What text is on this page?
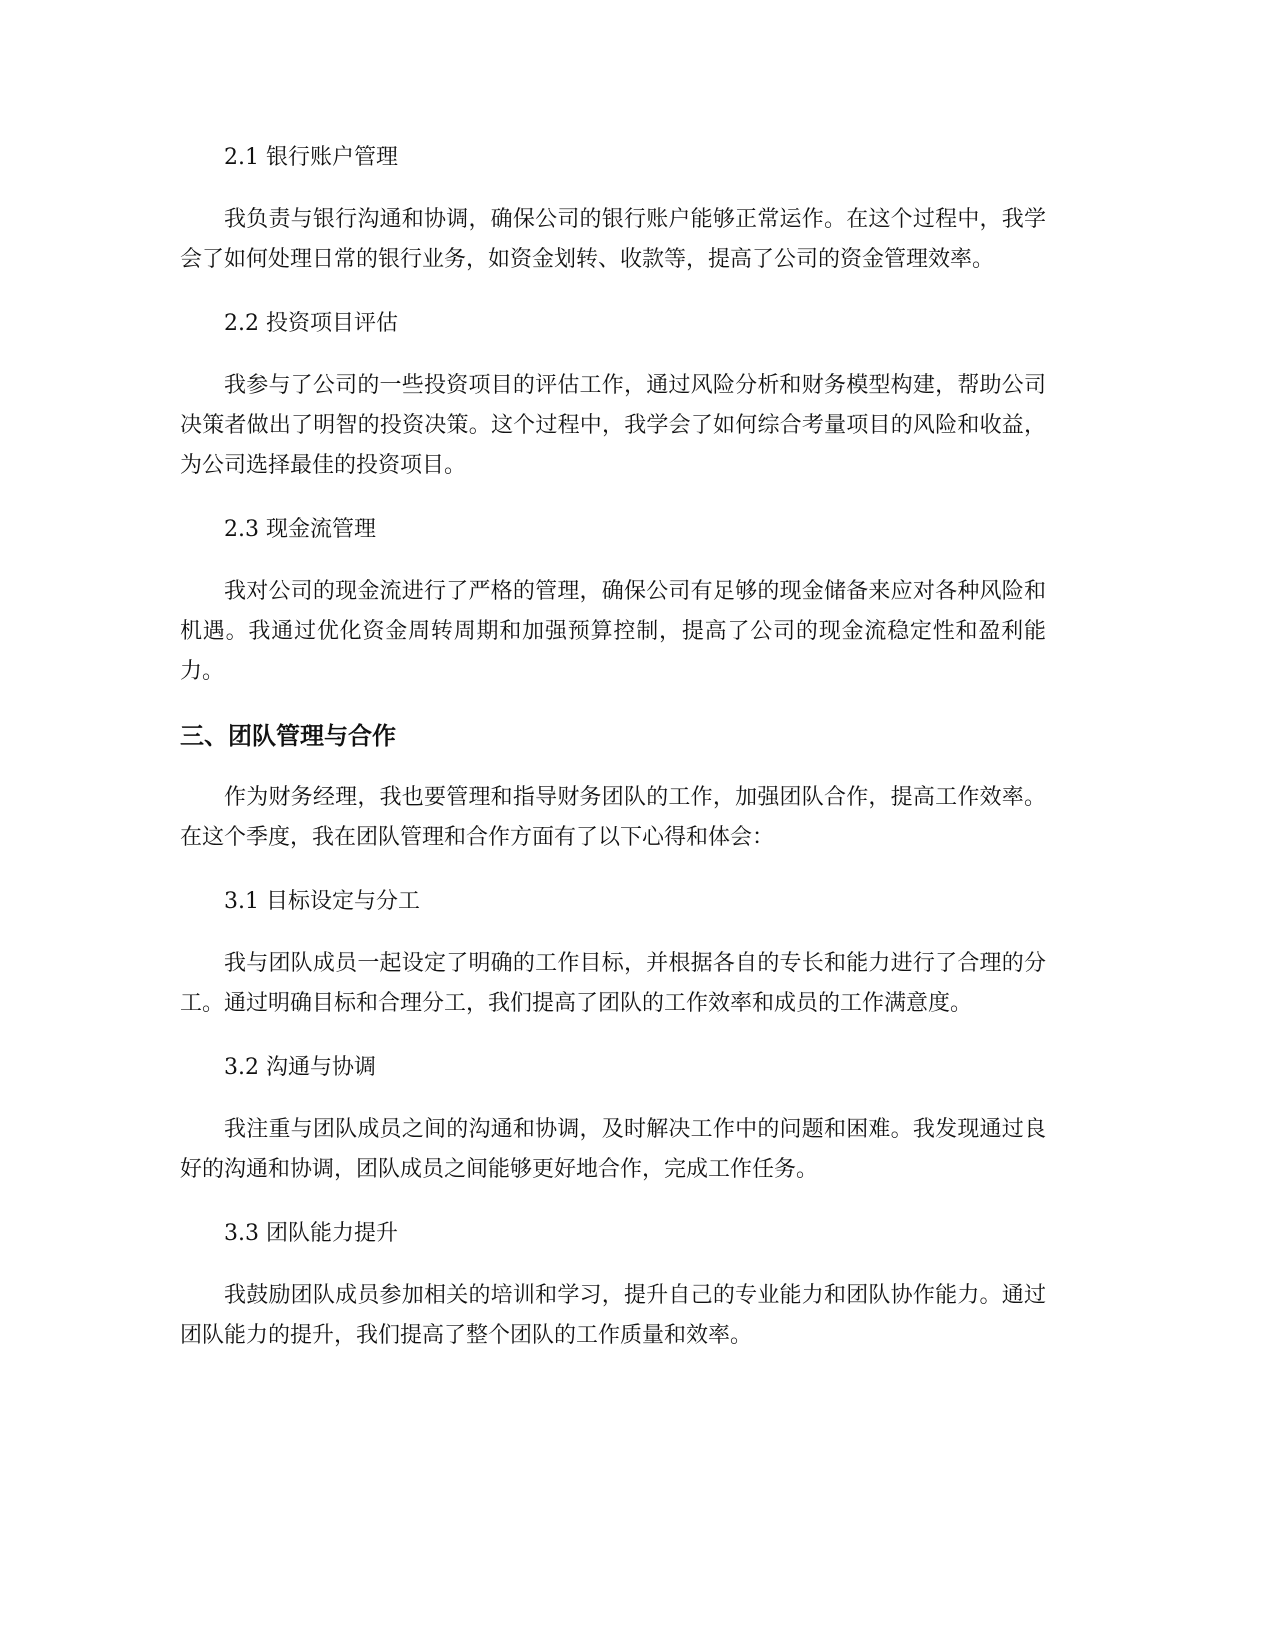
2.1 银行账户管理

我负责与银行沟通和协调，确保公司的银行账户能够正常运作。在这个过程中，我学会了如何处理日常的银行业务，如资金划转、收款等，提高了公司的资金管理效率。

2.2 投资项目评估

我参与了公司的一些投资项目的评估工作，通过风险分析和财务模型构建，帮助公司决策者做出了明智的投资决策。这个过程中，我学会了如何综合考量项目的风险和收益，为公司选择最佳的投资项目。

2.3 现金流管理

我对公司的现金流进行了严格的管理，确保公司有足够的现金储备来应对各种风险和机遇。我通过优化资金周转周期和加强预算控制，提高了公司的现金流稳定性和盈利能力。

三、团队管理与合作

作为财务经理，我也要管理和指导财务团队的工作，加强团队合作，提高工作效率。在这个季度，我在团队管理和合作方面有了以下心得和体会：

3.1 目标设定与分工

我与团队成员一起设定了明确的工作目标，并根据各自的专长和能力进行了合理的分工。通过明确目标和合理分工，我们提高了团队的工作效率和成员的工作满意度。

3.2 沟通与协调

我注重与团队成员之间的沟通和协调，及时解决工作中的问题和困难。我发现通过良好的沟通和协调，团队成员之间能够更好地合作，完成工作任务。

3.3 团队能力提升

我鼓励团队成员参加相关的培训和学习，提升自己的专业能力和团队协作能力。通过团队能力的提升，我们提高了整个团队的工作质量和效率。
